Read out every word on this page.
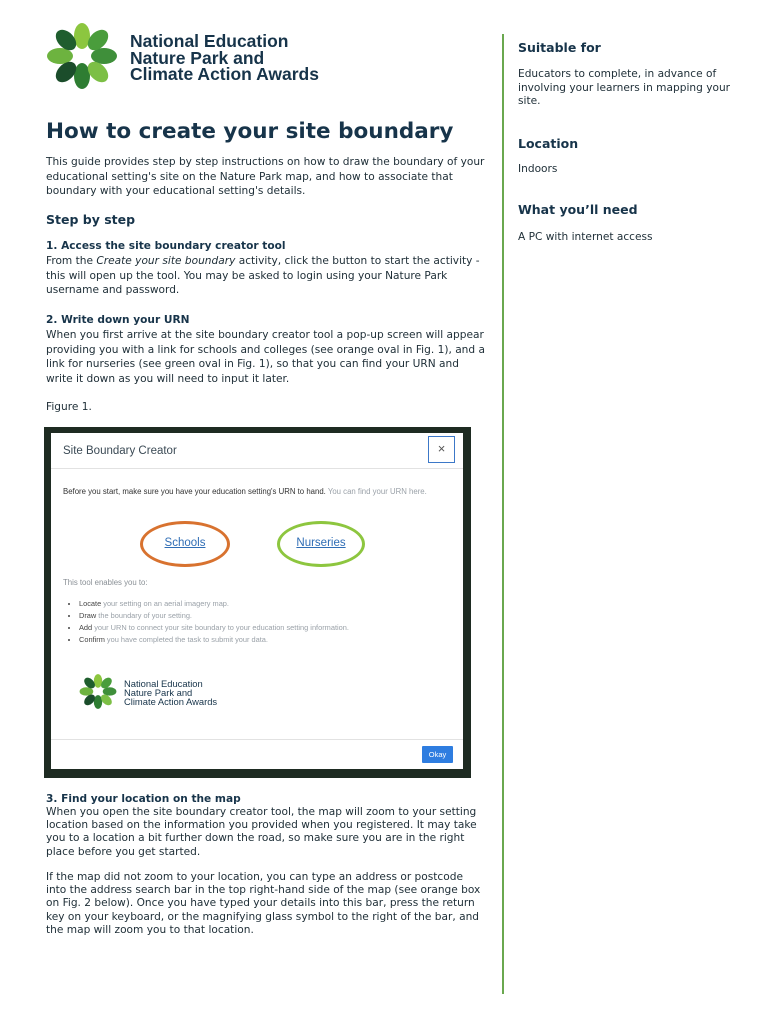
National Education
Nature Park and
Climate Action Awards
How to create your site boundary
This guide provides step by step instructions on how to draw the boundary of your educational setting's site on the Nature Park map, and how to associate that boundary with your educational setting's details.
Step by step
1. Access the site boundary creator tool
From the Create your site boundary activity, click the button to start the activity - this will open up the tool. You may be asked to login using your Nature Park username and password.
2. Write down your URN
When you first arrive at the site boundary creator tool a pop-up screen will appear providing you with a link for schools and colleges (see orange oval in Fig. 1), and a link for nurseries (see green oval in Fig. 1), so that you can find your URN and write it down as you will need to input it later.
Figure 1.
Site Boundary Creator	×
Before you start, make sure you have your education setting's URN to hand. You can find your URN here.
Schools	Nurseries
This tool enables you to:
• Locate your setting on an aerial imagery map.
• Draw the boundary of your setting.
• Add your URN to connect your site boundary to your education setting information.
• Confirm you have completed the task to submit your data.
National Education
Nature Park and
Climate Action Awards
Okay
3. Find your location on the map
When you open the site boundary creator tool, the map will zoom to your setting location based on the information you provided when you registered. It may take you to a location a bit further down the road, so make sure you are in the right place before you get started.
If the map did not zoom to your location, you can type an address or postcode into the address search bar in the top right-hand side of the map (see orange box on Fig. 2 below). Once you have typed your details into this bar, press the return key on your keyboard, or the magnifying glass symbol to the right of the bar, and the map will zoom you to that location.
Suitable for
Educators to complete, in advance of involving your learners in mapping your site.
Location
Indoors
What you’ll need
A PC with internet access
